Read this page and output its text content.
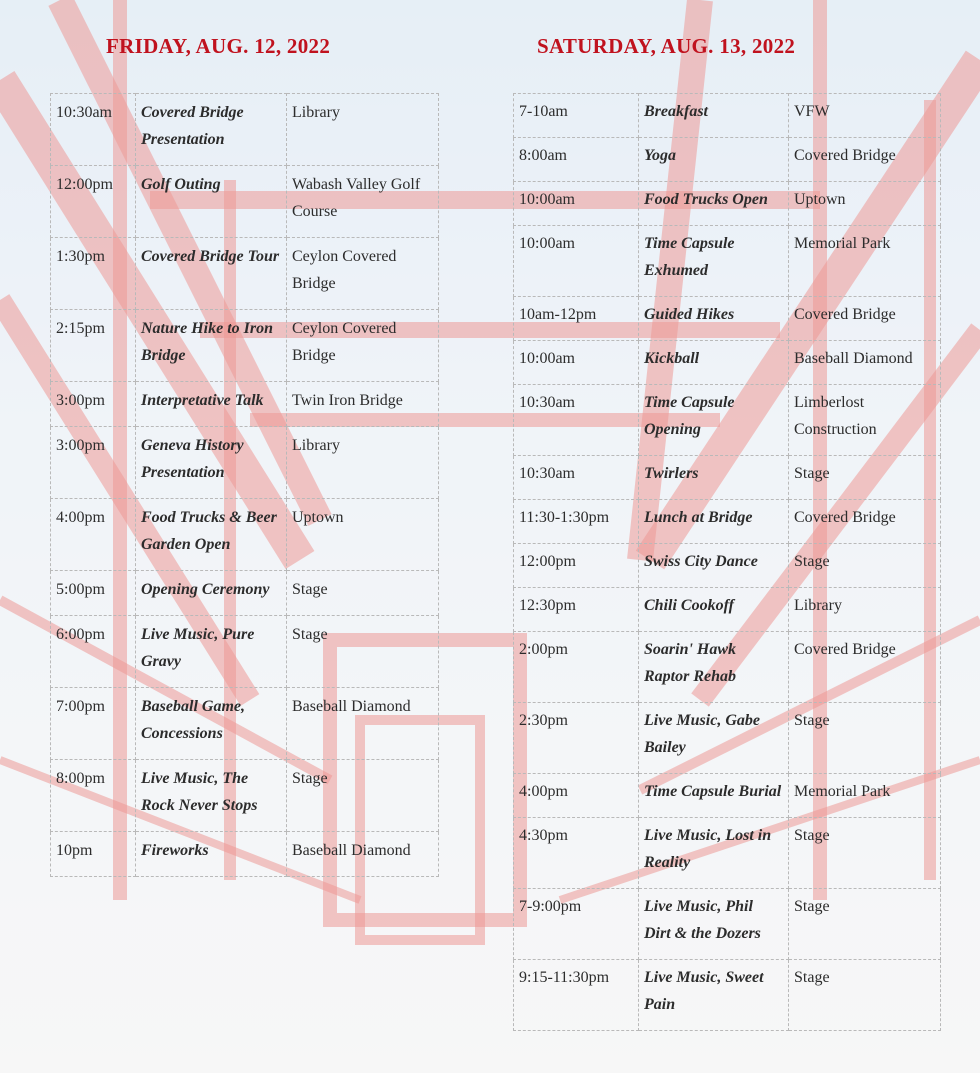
FRIDAY, AUG. 12, 2022	SATURDAY, AUG. 13, 2022
10:30am	Covered Bridge Presentation	Library
12:00pm	Golf Outing	Wabash Valley Golf Course
1:30pm	Covered Bridge Tour	Ceylon Covered Bridge
2:15pm	Nature Hike to Iron Bridge	Ceylon Covered Bridge
3:00pm	Interpretative Talk	Twin Iron Bridge
3:00pm	Geneva History Presentation	Library
4:00pm	Food Trucks & Beer Garden Open	Uptown
5:00pm	Opening Ceremony	Stage
6:00pm	Live Music, Pure Gravy	Stage
7:00pm	Baseball Game, Concessions	Baseball Diamond
8:00pm	Live Music, The Rock Never Stops	Stage
10pm	Fireworks	Baseball Diamond
7-10am	Breakfast	VFW
8:00am	Yoga	Covered Bridge
10:00am	Food Trucks Open	Uptown
10:00am	Time Capsule Exhumed	Memorial Park
10am-12pm	Guided Hikes	Covered Bridge
10:00am	Kickball	Baseball Diamond
10:30am	Time Capsule Opening	Limberlost Construction
10:30am	Twirlers	Stage
11:30-1:30pm	Lunch at Bridge	Covered Bridge
12:00pm	Swiss City Dance	Stage
12:30pm	Chili Cookoff	Library
2:00pm	Soarin' Hawk Raptor Rehab	Covered Bridge
2:30pm	Live Music, Gabe Bailey	Stage
4:00pm	Time Capsule Burial	Memorial Park
4:30pm	Live Music, Lost in Reality	Stage
7-9:00pm	Live Music, Phil Dirt & the Dozers	Stage
9:15-11:30pm	Live Music, Sweet Pain	Stage
